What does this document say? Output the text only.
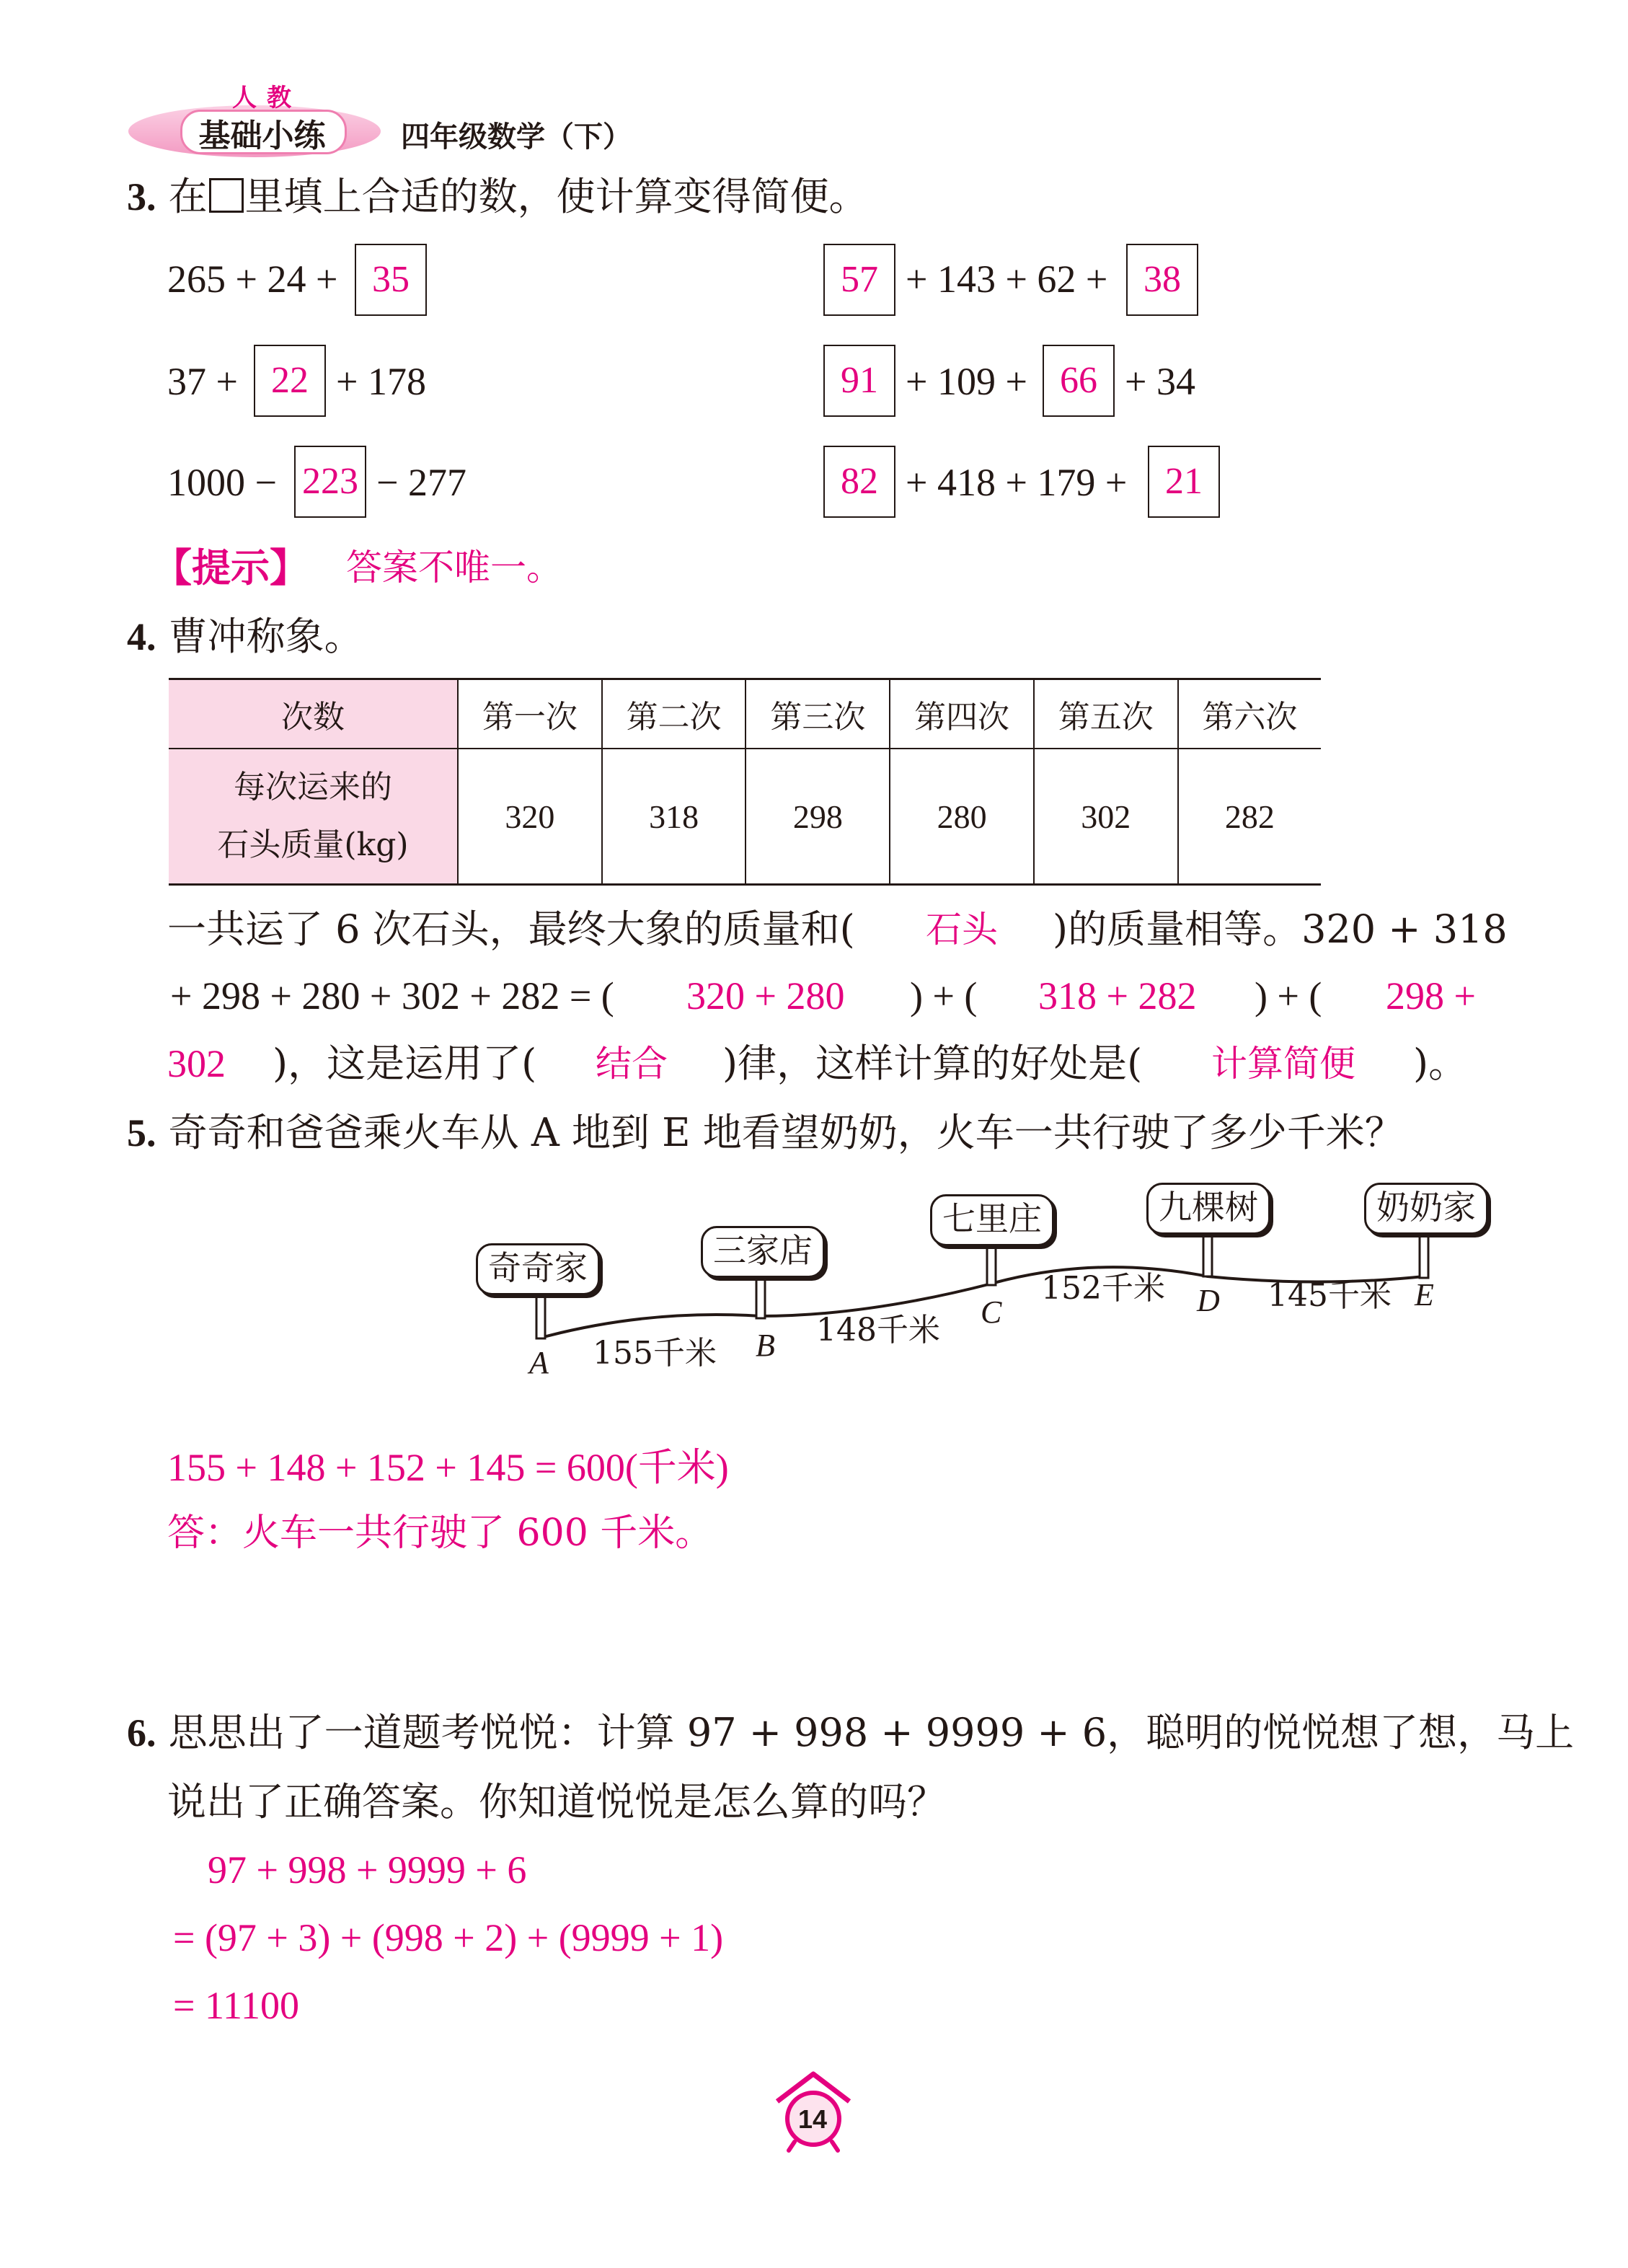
基础小练
人教
四年级数学（下）
3. 在 里填上合适的数，使计算变得简便。
265 + 24 + 35
37 + 22 + 178
1000 − 223 − 277
57 + 143 + 62 + 38
91 + 109 + 66 + 34
82 + 418 + 179 +	21
【提示】 答案不唯一。
4. 曹冲称象。
次数	第一次	第二次	第三次	第四次	第五次	第六次

每次运来的
石头质量(kg)	320	318	298	280	302	282
一共运了 6 次石头，最终大象的质量和( 石头 )的质量相等。320 + 318
+ 298 + 280 + 302 + 282 = ( 320 + 280 ) + ( 318 + 282 ) + ( 298 +
302 )，这是运用了( 结合 )律，这样计算的好处是( 计算简便 )。
5. 奇奇和爸爸乘火车从 A 地到 E 地看望奶奶，火车一共行驶了多少千米？
奇奇家	三家店
七里庄	九棵树	奶奶家
A	B
C	D	E
155千米
148千米
152千米	145千米
155 + 148 + 152 + 145 = 600(千米)
答：火车一共行驶了 600 千米。
6. 思思出了一道题考悦悦：计算 97 + 998 + 9999 + 6，聪明的悦悦想了想，马上
说出了正确答案。你知道悦悦是怎么算的吗？
97 + 998 + 9999 + 6
= (97 + 3) + (998 + 2) + (9999 + 1)
= 11100
14
